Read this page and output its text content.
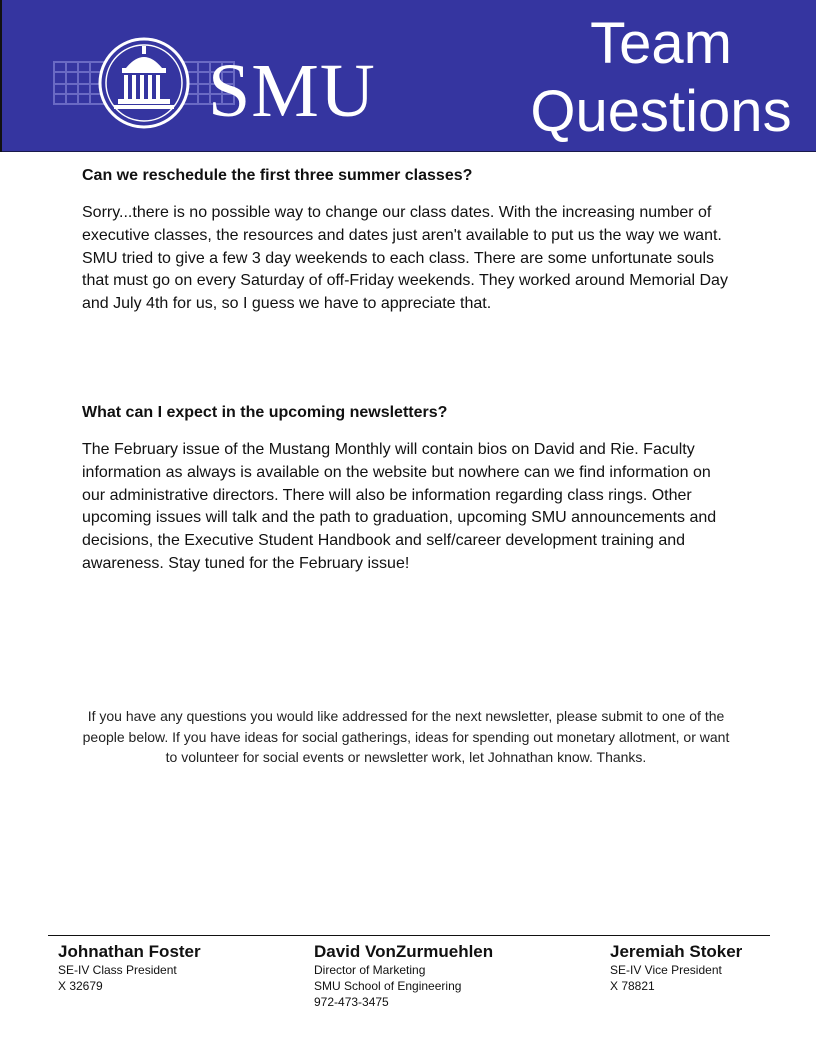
SMU
Team
Questions

Can we reschedule the first three summer classes?

Sorry...there is no possible way to change our class dates. With the increasing number of executive classes, the resources and dates just aren't available to put us the way we want. SMU tried to give a few 3 day weekends to each class. There are some unfortunate souls that must go on every Saturday of off-Friday weekends. They worked around Memorial Day and July 4th for us, so I guess we have to appreciate that.

What can I expect in the upcoming newsletters?

The February issue of the Mustang Monthly will contain bios on David and Rie. Faculty information as always is available on the website but nowhere can we find information on our administrative directors. There will also be information regarding class rings. Other upcoming issues will talk and the path to graduation, upcoming SMU announcements and decisions, the Executive Student Handbook and self/career development training and awareness. Stay tuned for the February issue!

If you have any questions you would like addressed for the next newsletter, please submit to one of the people below. If you have ideas for social gatherings, ideas for spending out monetary allotment, or want to volunteer for social events or newsletter work, let Johnathan know. Thanks.
Johnathan Foster
SE-IV Class President
X 32679
David VonZurmuehlen
Director of Marketing
SMU School of Engineering
972-473-3475
Jeremiah Stoker
SE-IV Vice President
X 78821
